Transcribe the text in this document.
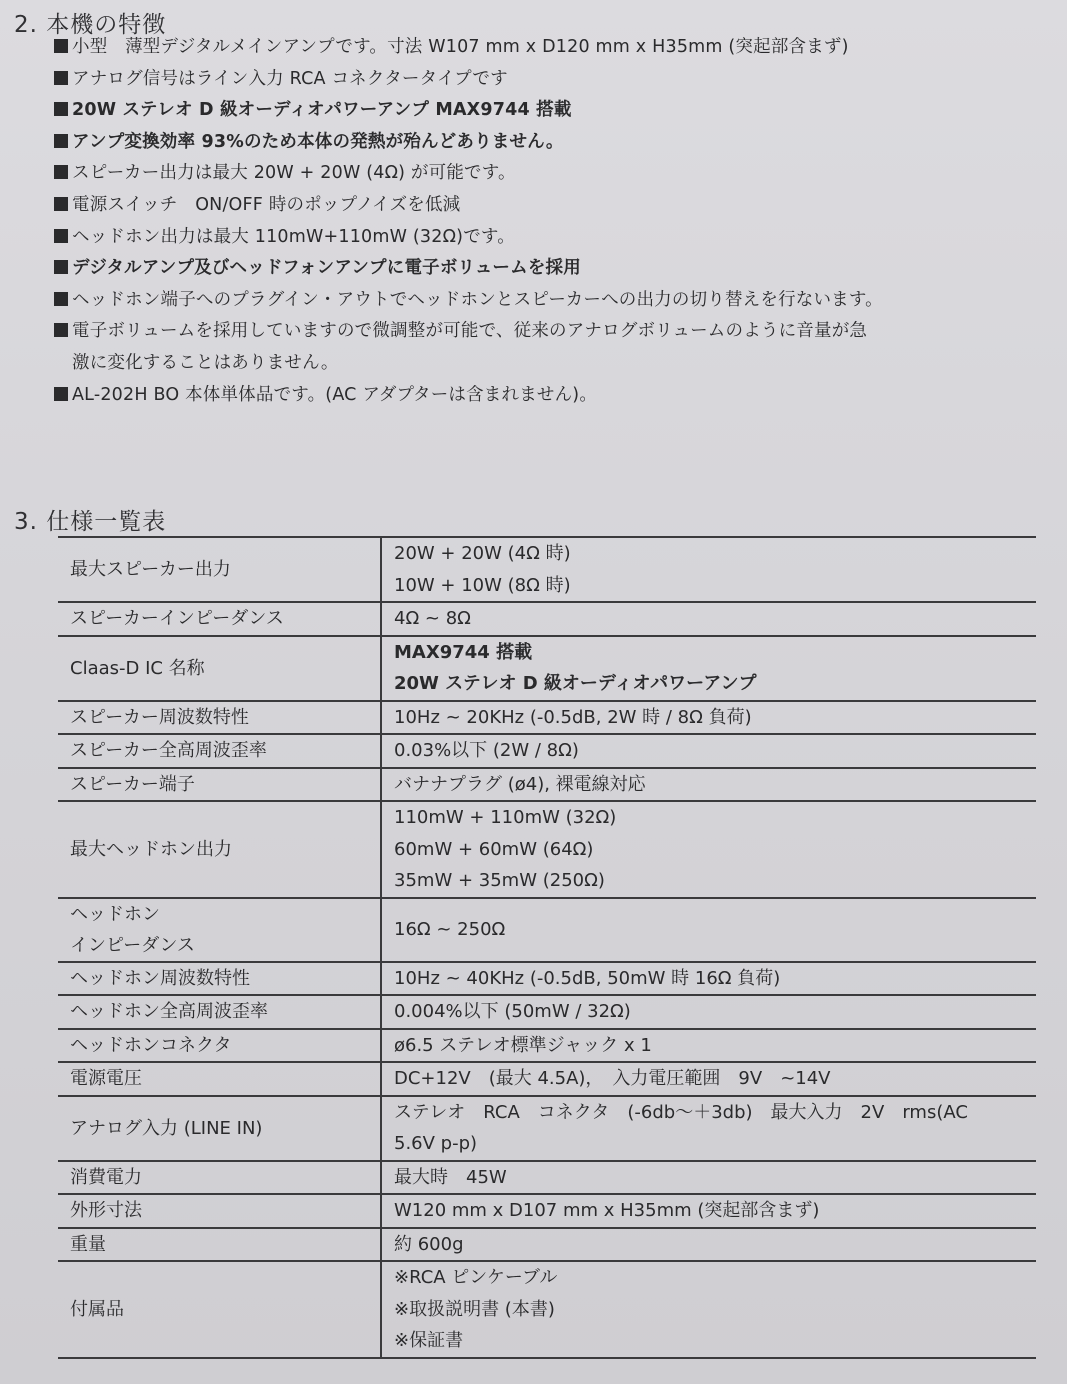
2. 本機の特徴
小型　薄型デジタルメインアンプです。寸法 W107 mm x D120 mm x H35mm (突起部含まず)
アナログ信号はライン入力 RCA コネクタータイプです
20W ステレオ D 級オーディオパワーアンプ MAX9744 搭載
アンプ変換効率 93%のため本体の発熱が殆んどありません。
スピーカー出力は最大 20W + 20W (4Ω) が可能です。
電源スイッチ　ON/OFF 時のポップノイズを低減
ヘッドホン出力は最大 110mW+110mW (32Ω)です。
デジタルアンプ及びヘッドフォンアンプに電子ボリュームを採用
ヘッドホン端子へのプラグイン・アウトでヘッドホンとスピーカーへの出力の切り替えを行ないます。
電子ボリュームを採用していますので微調整が可能で、従来のアナログボリュームのように音量が急
激に変化することはありません。
AL-202H BO 本体単体品です。(AC アダプターは含まれません)。
3. 仕様一覧表
最大スピーカー出力	20W + 20W (4Ω 時)
10W + 10W (8Ω 時)

スピーカーインピーダンス	4Ω ~ 8Ω

Claas-D IC 名称	MAX9744 搭載
20W ステレオ D 級オーディオパワーアンプ

スピーカー周波数特性	10Hz ~ 20KHz (-0.5dB, 2W 時 / 8Ω 負荷)

スピーカー全高周波歪率	0.03%以下 (2W / 8Ω)

スピーカー端子	バナナプラグ (ø4), 裸電線対応

最大ヘッドホン出力	110mW + 110mW (32Ω)
60mW + 60mW (64Ω)
35mW + 35mW (250Ω)

ヘッドホン
インピーダンス	16Ω ~ 250Ω

ヘッドホン周波数特性	10Hz ~ 40KHz (-0.5dB, 50mW 時 16Ω 負荷)

ヘッドホン全高周波歪率	0.004%以下 (50mW / 32Ω)

ヘッドホンコネクタ	ø6.5 ステレオ標準ジャック x 1

電源電圧	DC+12V　(最大 4.5A)，　入力電圧範囲　9V　~14V

アナログ入力 (LINE IN)	ステレオ　RCA　コネクタ　(-6db～＋3db)　最大入力　2V　rms(AC
5.6V p-p)

消費電力	最大時　45W

外形寸法	W120 mm x D107 mm x H35mm (突起部含まず)

重量	約 600g

付属品	※RCA ピンケーブル
※取扱説明書 (本書)
※保証書
